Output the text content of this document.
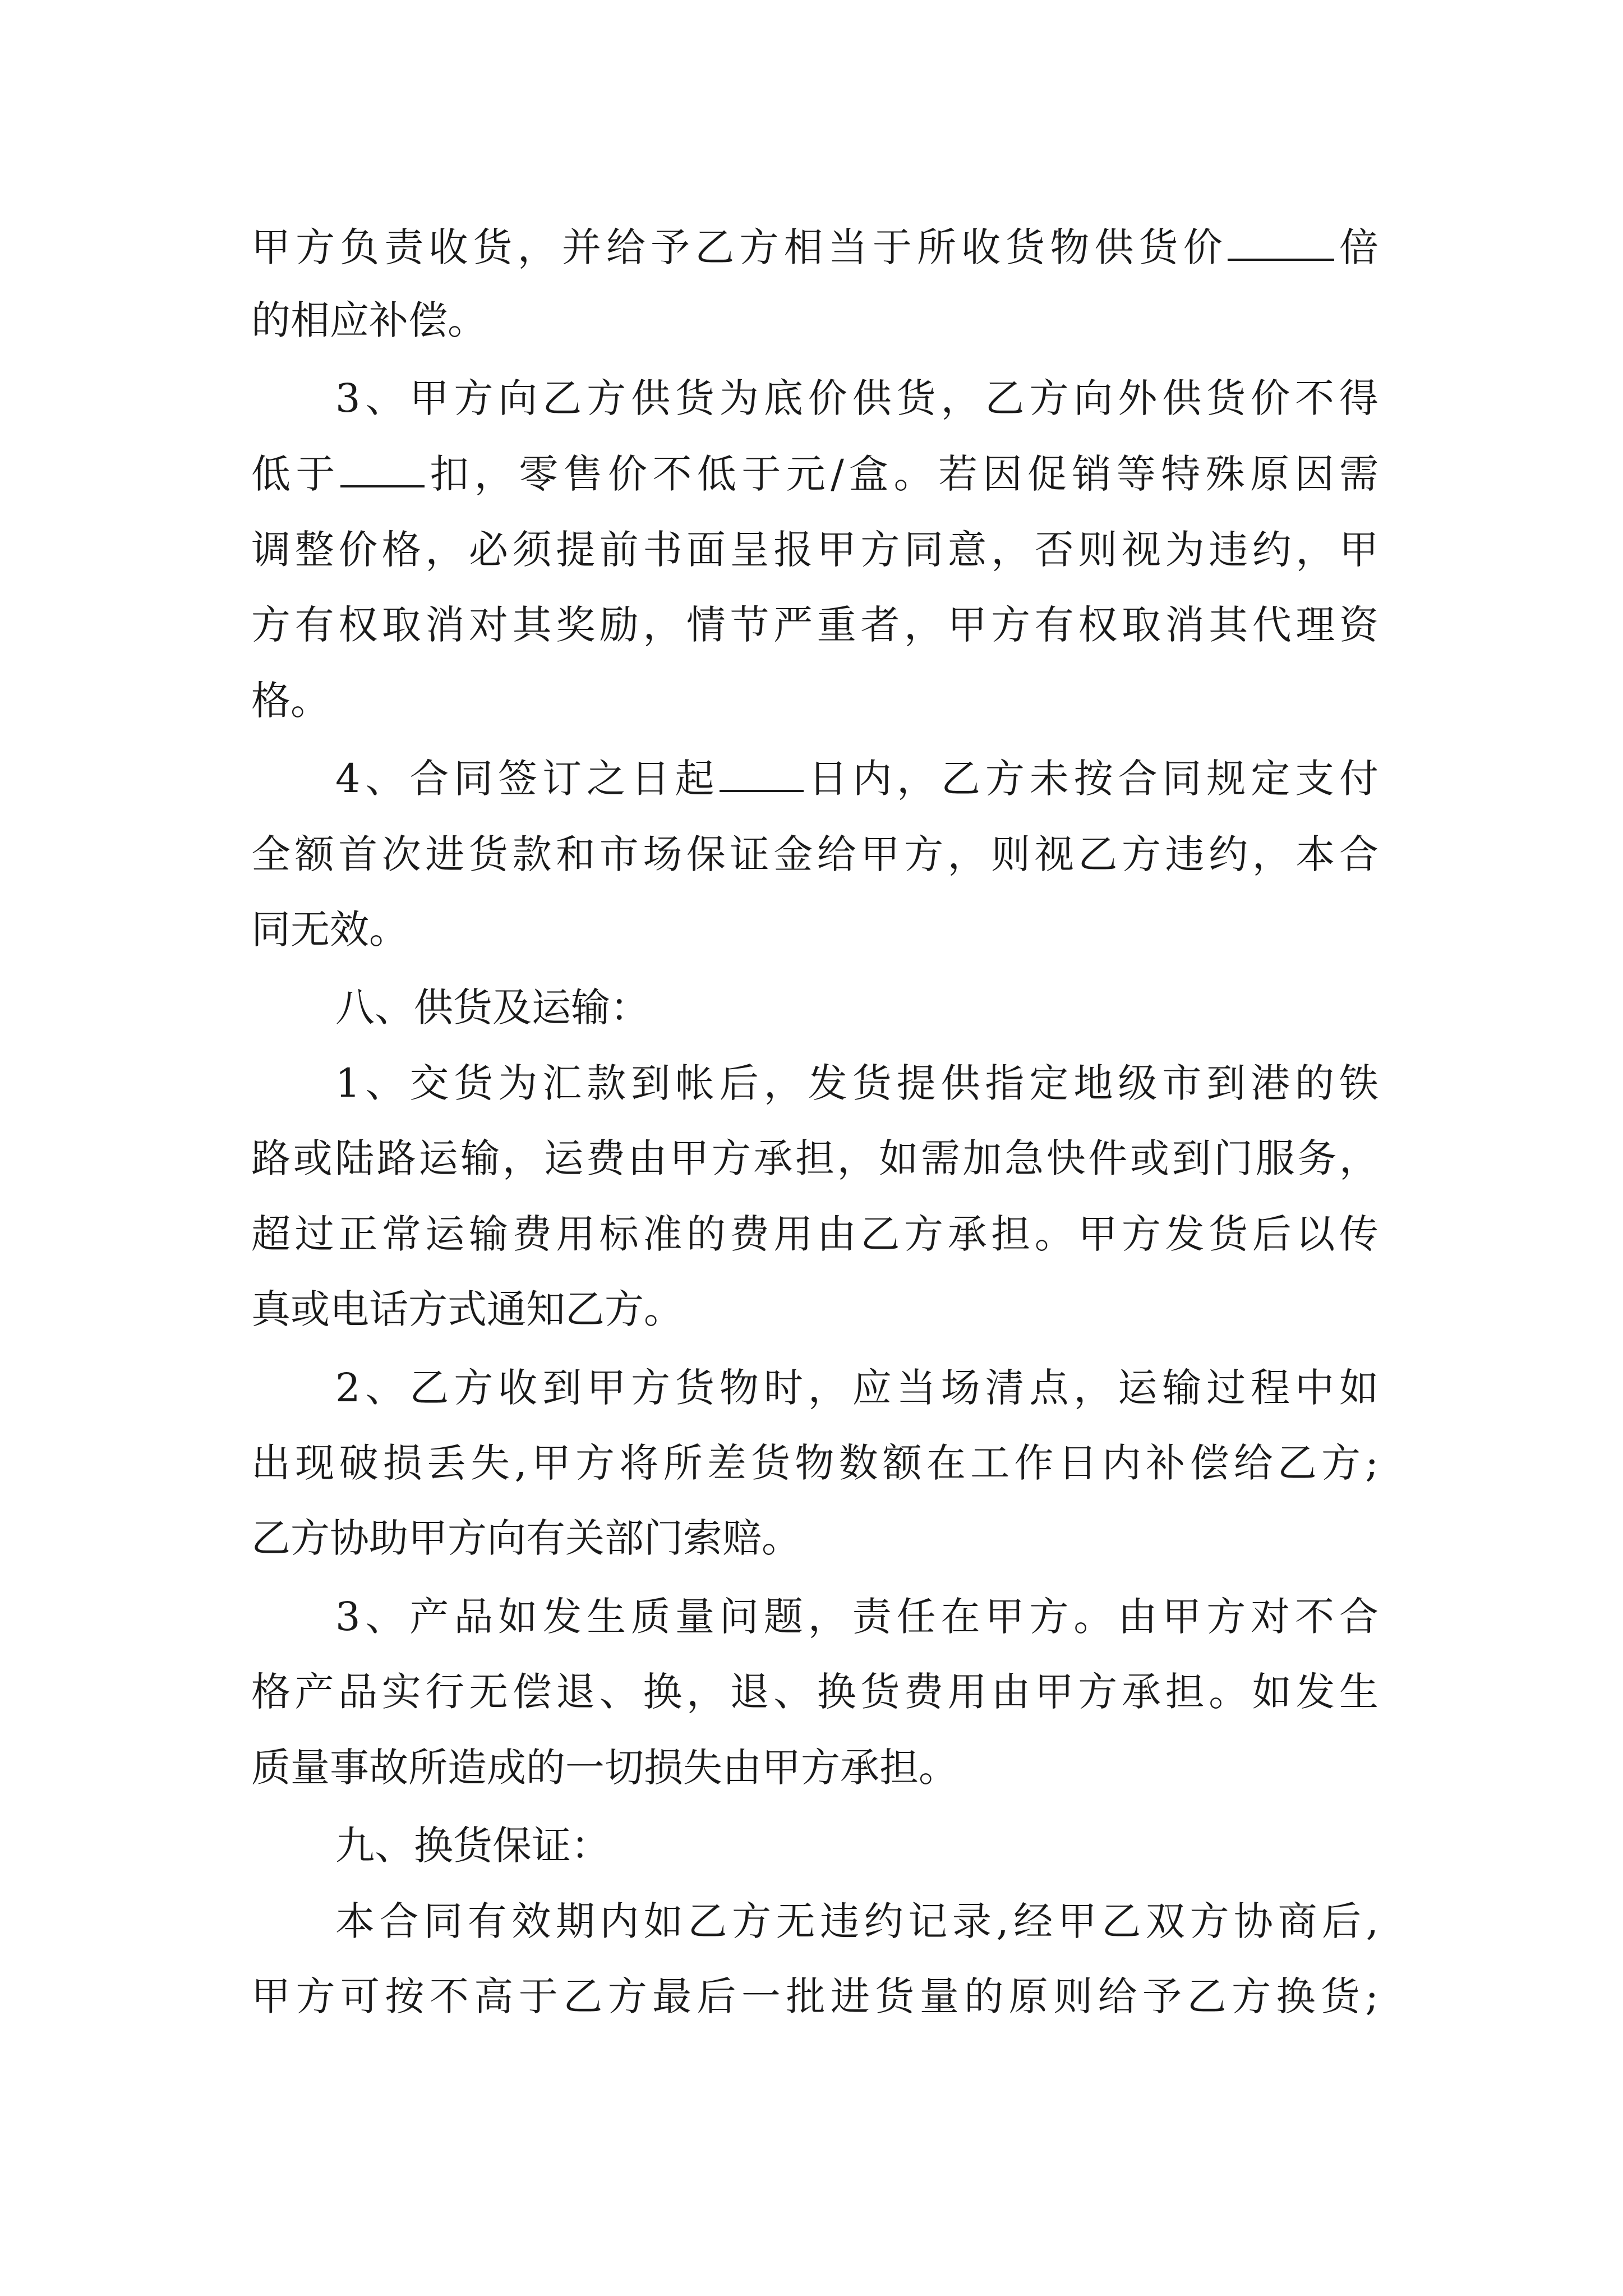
甲方负责收货，并给予乙方相当于所收货物供货价	倍
的相应补偿。
3、甲方向乙方供货为底价供货，乙方向外供货价不得
低于 扣，零售价不低于元/盒。若因促销等特殊原因需
调整价格，必须提前书面呈报甲方同意，否则视为违约，甲
方有权取消对其奖励，情节严重者，甲方有权取消其代理资
格。
4、合同签订之日起 日内，乙方未按合同规定支付
全额首次进货款和市场保证金给甲方，则视乙方违约，本合
同无效。
八、供货及运输：
1、交货为汇款到帐后，发货提供指定地级市到港的铁
路或陆路运输，运费由甲方承担，如需加急快件或到门服务，
超过正常运输费用标准的费用由乙方承担。甲方发货后以传
真或电话方式通知乙方。
2、乙方收到甲方货物时，应当场清点，运输过程中如
出现破损丢失,甲方将所差货物数额在工作日内补偿给乙方;
乙方协助甲方向有关部门索赔。
3、产品如发生质量问题，责任在甲方。由甲方对不合
格产品实行无偿退、换，退、换货费用由甲方承担。如发生
质量事故所造成的一切损失由甲方承担。
九、换货保证：
本合同有效期内如乙方无违约记录,经甲乙双方协商后,
甲方可按不高于乙方最后一批进货量的原则给予乙方换货;
